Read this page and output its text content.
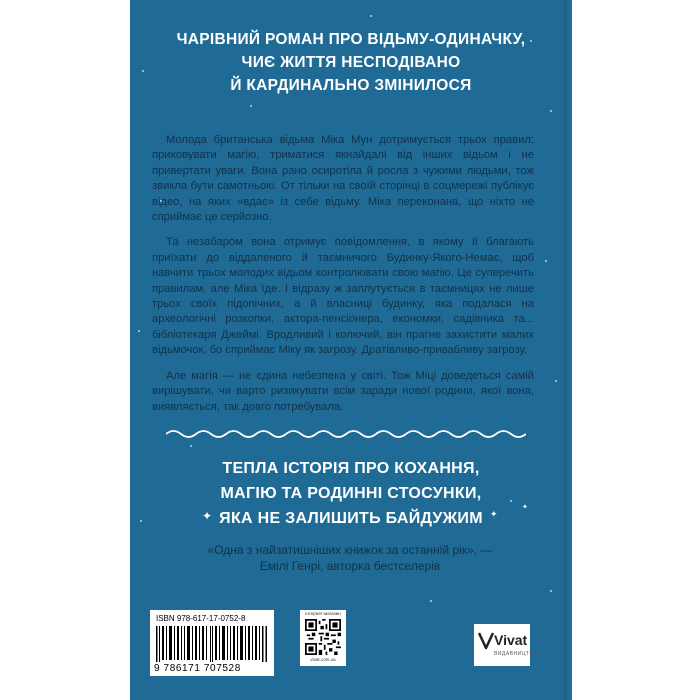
ЧАРІВНИЙ РОМАН ПРО ВІДЬМУ-ОДИНАЧКУ,
ЧИЄ ЖИТТЯ НЕСПОДІВАНО
Й КАРДИНАЛЬНО ЗМІНИЛОСЯ

Молода британська відьма Міка Мун дотримується трьох правил: приховувати магію, триматися якнайдалі від інших відьом і не привертати уваги. Вона рано осиротіла й росла з чужими людьми, тож звикла бути самотньою. От тільки на своїй сторінці в соцмережі публікує відео, на яких «вдає» із себе відьму. Міка переконана, що ніхто не сприймає це серйозно.

Та незабаром вона отримує повідомлення, в якому її благають приїхати до віддаленого й таємничого Будинку-Якого-Немає, щоб навчити трьох молодих відьом контролювати свою магію. Це суперечить правилам, але Міка їде. І відразу ж заплутується в таємницях не лише трьох своїх підопічних, а й власниці будинку, яка подалася на археологічні розкопки, актора-пенсіонера, економки, садівника та... бібліотекаря Джеймі. Вродливий і колючий, він прагне захистити малих відьмочок, бо сприймає Міку як загрозу. Дратівливо-привабливу загрозу.

Але магія — не єдина небезпека у світі. Тож Міці доведеться самій вирішувати, чи варто ризикувати всім заради нової родини, якої вона, виявляється, так довго потребувала.

ТЕПЛА ІСТОРІЯ ПРО КОХАННЯ,
МАГІЮ ТА РОДИННІ СТОСУНКИ,
ЯКА НЕ ЗАЛИШИТЬ БАЙДУЖИМ
✦	✦
✦
«Одна з найзатишніших книжок за останній рік», —
Емілі Генрі, авторка бестселерів
ISBN 978-617-17-0752-8
9 786171 707528
інтернет-магазин
vivat.com.ua
Vivat
ВИДАВНИЦТВО
